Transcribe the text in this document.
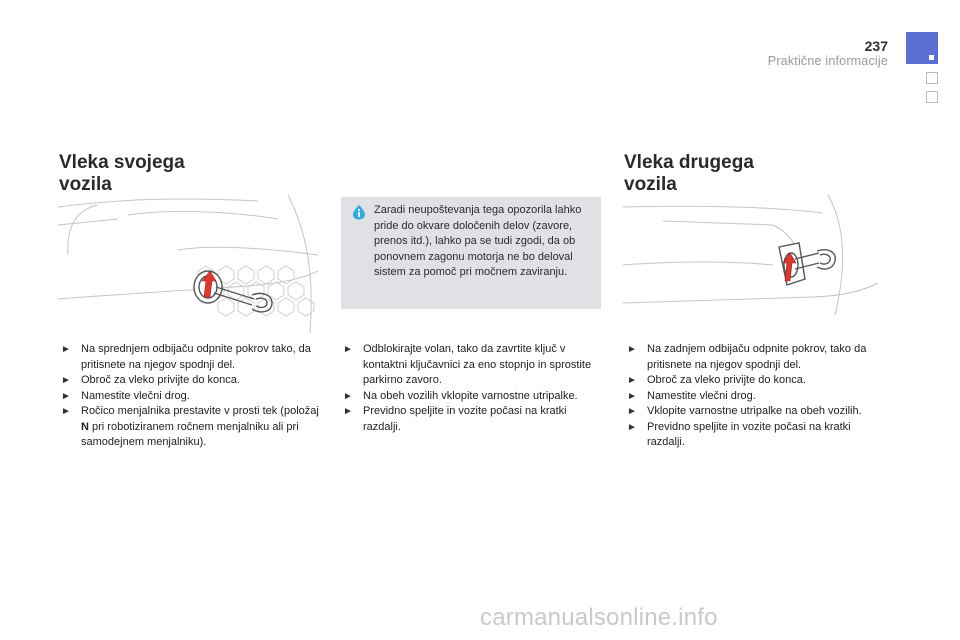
237
Praktične informacije
Vleka svojega vozila
Vleka drugega vozila

Zaradi neupoštevanja tega opozorila lahko pride do okvare določenih delov (zavore, prenos itd.), lahko pa se tudi zgodi, da ob ponovnem zagonu motorja ne bo deloval sistem za pomoč pri močnem zaviranju.

► Na sprednjem odbijaču odpnite pokrov tako, da pritisnete na njegov spodnji del.
► Obroč za vleko privijte do konca.
► Namestite vlečni drog.
► Ročico menjalnika prestavite v prosti tek (položaj N pri robotiziranem ročnem menjalniku ali pri samodejnem menjalniku).
► Odblokirajte volan, tako da zavrtite ključ v kontaktni ključavnici za eno stopnjo in sprostite parkirno zavoro.
► Na obeh vozilih vklopite varnostne utripalke.
► Previdno speljite in vozite počasi na kratki razdalji.
► Na zadnjem odbijaču odpnite pokrov, tako da pritisnete na njegov spodnji del.
► Obroč za vleko privijte do konca.
► Namestite vlečni drog.
► Vklopite varnostne utripalke na obeh vozilih.
► Previdno speljite in vozite počasi na kratki razdalji.
carmanualsonline.info
